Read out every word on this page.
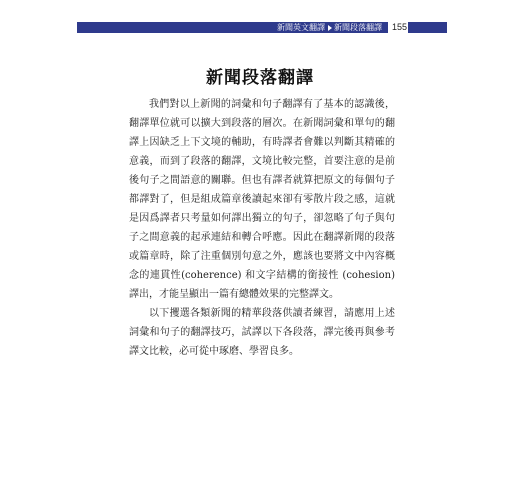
新聞英文翻譯 新聞段落翻譯 155
新聞段落翻譯

我們對以上新聞的詞彙和句子翻譯有了基本的認識後，翻譯單位就可以擴大到段落的層次。在新聞詞彙和單句的翻譯上因缺乏上下文境的輔助，有時譯者會難以判斷其精確的意義，而到了段落的翻譯，文境比較完整，首要注意的是前後句子之間語意的關聯。但也有譯者就算把原文的每個句子都譯對了，但是組成篇章後讀起來卻有零散片段之感，這就是因爲譯者只考量如何譯出獨立的句子，卻忽略了句子與句子之間意義的起承連結和轉合呼應。因此在翻譯新聞的段落或篇章時，除了注重個別句意之外，應該也要將文中內容概念的連貫性(coherence) 和文字結構的銜接性 (cohesion) 譯出，才能呈顯出一篇有總體效果的完整譯文。

以下攫選各類新聞的精華段落供讀者練習，請應用上述詞彙和句子的翻譯技巧，試譯以下各段落，譯完後再與參考譯文比較，必可從中琢磨、學習良多。
